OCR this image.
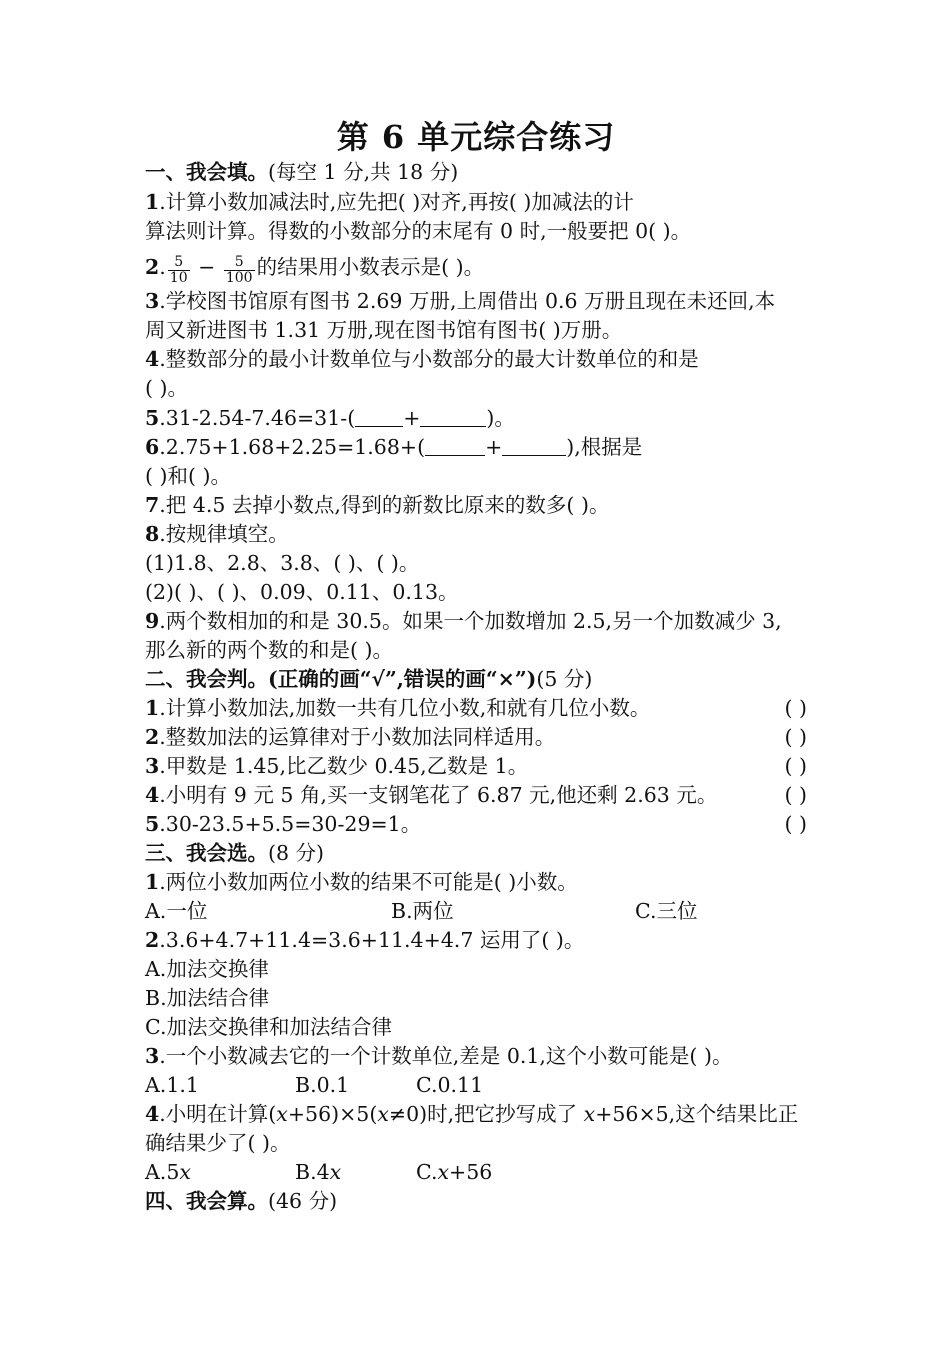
第 6 单元综合练习
一、我会填。(每空 1 分,共 18 分)
1.计算小数加减法时,应先把( )对齐,再按( )加减法的计
算法则计算。得数的小数部分的末尾有 0 时,一般要把 0( )。
2. $\frac{5}{10} - \frac{5}{100}$ 的结果用小数表示是( )。
3.学校图书馆原有图书 2.69 万册,上周借出 0.6 万册且现在未还回,本
周又新进图书 1.31 万册,现在图书馆有图书( )万册。
4.整数部分的最小计数单位与小数部分的最大计数单位的和是
( )。
5.31-2.54-7.46=31-( +	)。
6.2.75+1.68+2.25=1.68+(	+	),根据是
( )和( )。
7.把 4.5 去掉小数点,得到的新数比原来的数多( )。
8.按规律填空。
(1)1.8、2.8、3.8、( )、( )。
(2)( )、( )、0.09、0.11、0.13。
9.两个数相加的和是 30.5。如果一个加数增加 2.5,另一个加数减少 3,
那么新的两个数的和是( )。
二、我会判。(正确的画“√”,错误的画“×”)(5 分)
1.计算小数加法,加数一共有几位小数,和就有几位小数。	( )
2.整数加法的运算律对于小数加法同样适用。	( )
3.甲数是 1.45,比乙数少 0.45,乙数是 1。	( )
4.小明有 9 元 5 角,买一支钢笔花了 6.87 元,他还剩 2.63 元。	( )
5.30-23.5+5.5=30-29=1。	( )
三、我会选。(8 分)
1.两位小数加两位小数的结果不可能是( )小数。
A.一位	B.两位	C.三位
2.3.6+4.7+11.4=3.6+11.4+4.7 运用了( )。
A.加法交换律
B.加法结合律
C.加法交换律和加法结合律
3.一个小数减去它的一个计数单位,差是 0.1,这个小数可能是( )。
A.1.1	B.0.1	C.0.11
4.小明在计算(x+56)×5(x≠0)时,把它抄写成了 x+56×5,这个结果比正
确结果少了( )。
A.5x	B.4x	C.x+56
四、我会算。(46 分)
